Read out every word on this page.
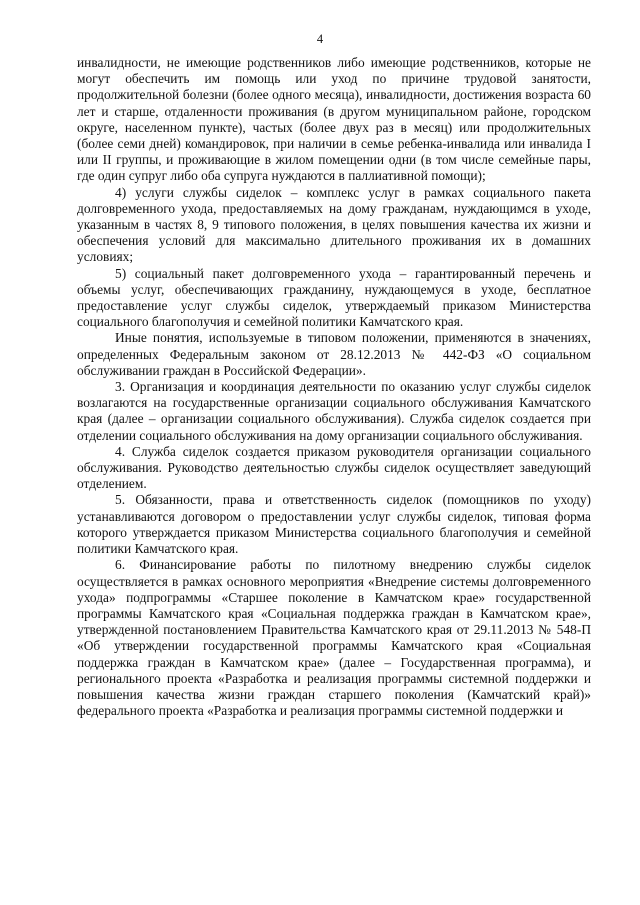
4

инвалидности, не имеющие родственников либо имеющие родственников, которые не могут обеспечить им помощь или уход по причине трудовой занятости, продолжительной болезни (более одного месяца), инвалидности, достижения возраста 60 лет и старше, отдаленности проживания (в другом муниципальном районе, городском округе, населенном пункте), частых (более двух раз в месяц) или продолжительных (более семи дней) командировок, при наличии в семье ребенка-инвалида или инвалида I или II группы, и проживающие в жилом помещении одни (в том числе семейные пары, где один супруг либо оба супруга нуждаются в паллиативной помощи);

4) услуги службы сиделок – комплекс услуг в рамках социального пакета долговременного ухода, предоставляемых на дому гражданам, нуждающимся в уходе, указанным в частях 8, 9 типового положения, в целях повышения качества их жизни и обеспечения условий для максимально длительного проживания их в домашних условиях;

5) социальный пакет долговременного ухода – гарантированный перечень и объемы услуг, обеспечивающих гражданину, нуждающемуся в уходе, бесплатное предоставление услуг службы сиделок, утверждаемый приказом Министерства социального благополучия и семейной политики Камчатского края.

Иные понятия, используемые в типовом положении, применяются в значениях, определенных Федеральным законом от 28.12.2013 № 442-ФЗ «О социальном обслуживании граждан в Российской Федерации».

3. Организация и координация деятельности по оказанию услуг службы сиделок возлагаются на государственные организации социального обслуживания Камчатского края (далее – организации социального обслуживания). Служба сиделок создается при отделении социального обслуживания на дому организации социального обслуживания.

4. Служба сиделок создается приказом руководителя организации социального обслуживания. Руководство деятельностью службы сиделок осуществляет заведующий отделением.

5. Обязанности, права и ответственность сиделок (помощников по уходу) устанавливаются договором о предоставлении услуг службы сиделок, типовая форма которого утверждается приказом Министерства социального благополучия и семейной политики Камчатского края.

6. Финансирование работы по пилотному внедрению службы сиделок осуществляется в рамках основного мероприятия «Внедрение системы долговременного ухода» подпрограммы «Старшее поколение в Камчатском крае» государственной программы Камчатского края «Социальная поддержка граждан в Камчатском крае», утвержденной постановлением Правительства Камчатского края от 29.11.2013 № 548-П «Об утверждении государственной программы Камчатского края «Социальная поддержка граждан в Камчатском крае» (далее – Государственная программа), и регионального проекта «Разработка и реализация программы системной поддержки и повышения качества жизни граждан старшего поколения (Камчатский край)» федерального проекта «Разработка и реализация программы системной поддержки и
